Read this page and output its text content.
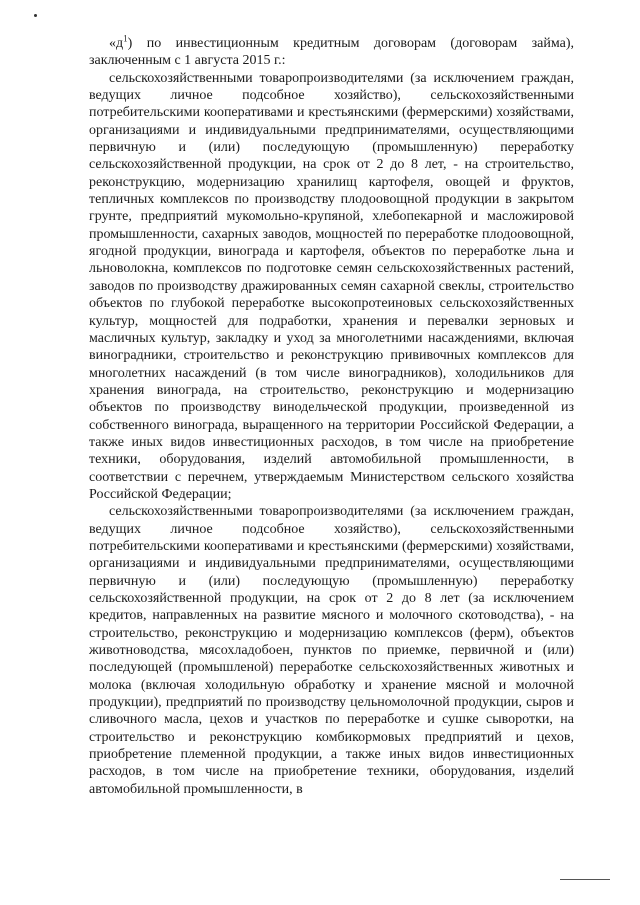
«$д^1$) по инвестиционным кредитным договорам (договорам займа), заключенным с 1 августа 2015 г.:

сельскохозяйственными товаропроизводителями (за исключением граждан, ведущих личное подсобное хозяйство), сельскохозяйственными потребительскими кооперативами и крестьянскими (фермерскими) хозяйствами, организациями и индивидуальными предпринимателями, осуществляющими первичную и (или) последующую (промышленную) переработку сельскохозяйственной продукции, на срок от 2 до 8 лет, - на строительство, реконструкцию, модернизацию хранилищ картофеля, овощей и фруктов, тепличных комплексов по производству плодоовощной продукции в закрытом грунте, предприятий мукомольно-крупяной, хлебопекарной и масложировой промышленности, сахарных заводов, мощностей по переработке плодоовощной, ягодной продукции, винограда и картофеля, объектов по переработке льна и льноволокна, комплексов по подготовке семян сельскохозяйственных растений, заводов по производству дражированных семян сахарной свеклы, строительство объектов по глубокой переработке высокопротеиновых сельскохозяйственных культур, мощностей для подработки, хранения и перевалки зерновых и масличных культур, закладку и уход за многолетними насаждениями, включая виноградники, строительство и реконструкцию прививочных комплексов для многолетних насаждений (в том числе виноградников), холодильников для хранения винограда, на строительство, реконструкцию и модернизацию объектов по производству винодельческой продукции, произведенной из собственного винограда, выращенного на территории Российской Федерации, а также иных видов инвестиционных расходов, в том числе на приобретение техники, оборудования, изделий автомобильной промышленности, в соответствии с перечнем, утверждаемым Министерством сельского хозяйства Российской Федерации;

сельскохозяйственными товаропроизводителями (за исключением граждан, ведущих личное подсобное хозяйство), сельскохозяйственными потребительскими кооперативами и крестьянскими (фермерскими) хозяйствами, организациями и индивидуальными предпринимателями, осуществляющими первичную и (или) последующую (промышленную) переработку сельскохозяйственной продукции, на срок от 2 до 8 лет (за исключением кредитов, направленных на развитие мясного и молочного скотоводства), - на строительство, реконструкцию и модернизацию комплексов (ферм), объектов животноводства, мясохладобоен, пунктов по приемке, первичной и (или) последующей (промышленой) переработке сельскохозяйственных животных и молока (включая холодильную обработку и хранение мясной и молочной продукции), предприятий по производству цельномолочной продукции, сыров и сливочного масла, цехов и участков по переработке и сушке сыворотки, на строительство и реконструкцию комбикормовых предприятий и цехов, приобретение племенной продукции, а также иных видов инвестиционных расходов, в том числе на приобретение техники, оборудования, изделий автомобильной промышленности, в
